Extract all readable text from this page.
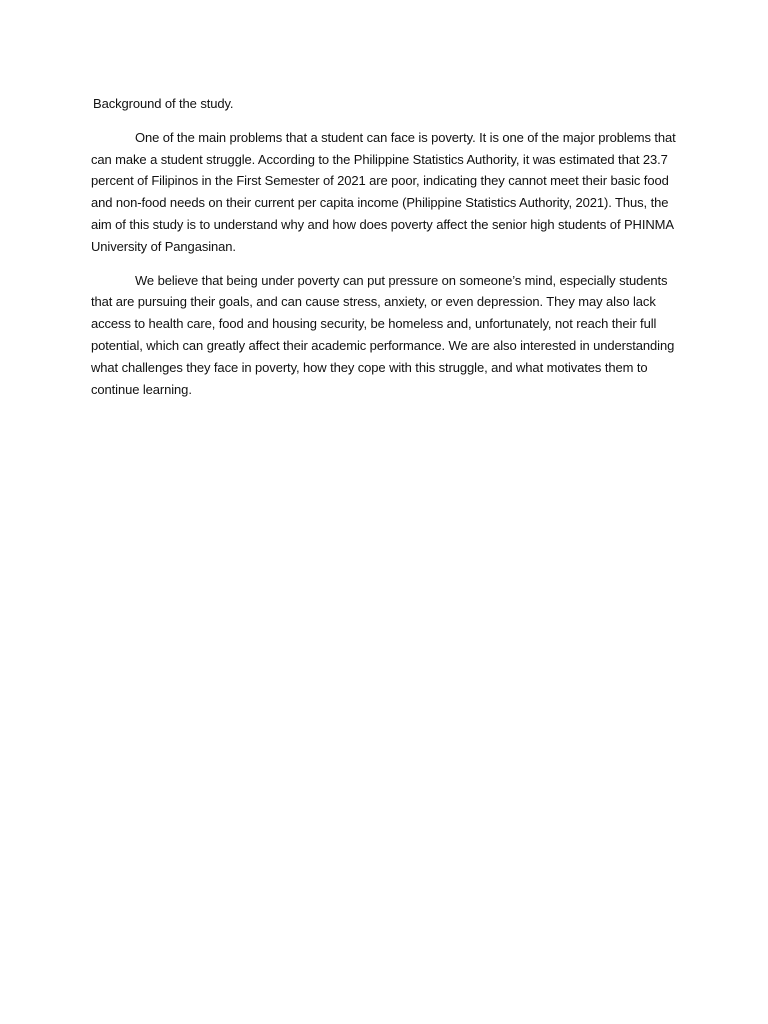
Background of the study.

One of the main problems that a student can face is poverty. It is one of the major problems that can make a student struggle. According to the Philippine Statistics Authority, it was estimated that 23.7 percent of Filipinos in the First Semester of 2021 are poor, indicating they cannot meet their basic food and non-food needs on their current per capita income (Philippine Statistics Authority, 2021). Thus, the aim of this study is to understand why and how does poverty affect the senior high students of PHINMA University of Pangasinan.

We believe that being under poverty can put pressure on someone’s mind, especially students that are pursuing their goals, and can cause stress, anxiety, or even depression. They may also lack access to health care, food and housing security, be homeless and, unfortunately, not reach their full potential, which can greatly affect their academic performance. We are also interested in understanding what challenges they face in poverty, how they cope with this struggle, and what motivates them to continue learning.
